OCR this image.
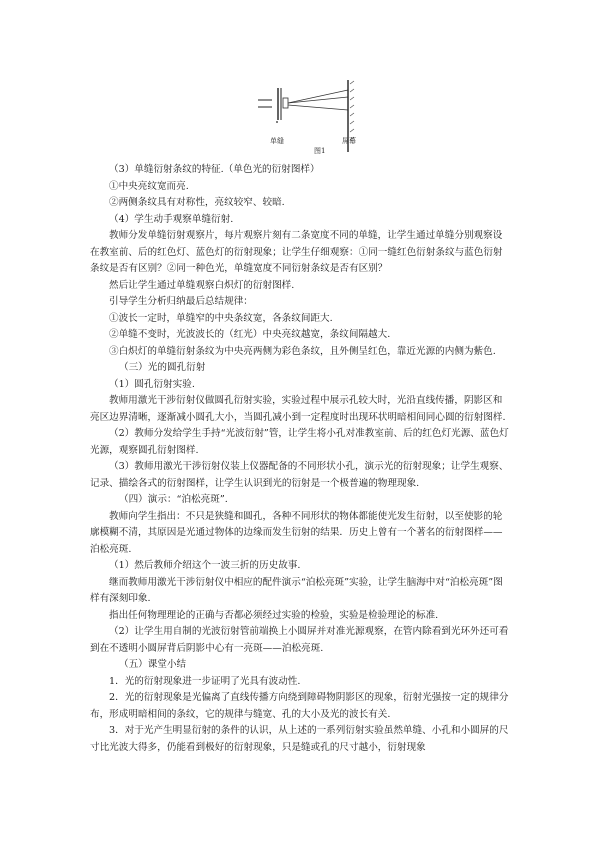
单缝
图1
屏幕

（3）单缝衍射条纹的特征.（单色光的衍射图样）

①中央亮纹宽而亮.

②两侧条纹具有对称性，亮纹较窄、较暗.

（4）学生动手观察单缝衍射.

教师分发单缝衍射观察片，每片观察片刻有二条宽度不同的单缝，让学生通过单缝分别观察设在教室前、后的红色灯、蓝色灯的衍射现象；让学生仔细观察：①同一缝红色衍射条纹与蓝色衍射条纹是否有区别？②同一种色光，单缝宽度不同衍射条纹是否有区别？

然后让学生通过单缝观察白炽灯的衍射图样.

引导学生分析归纳最后总结规律：

①波长一定时，单缝窄的中央条纹宽，各条纹间距大.

②单缝不变时，光波波长的（红光）中央亮纹越宽，条纹间隔越大.

③白炽灯的单缝衍射条纹为中央亮两侧为彩色条纹，且外侧呈红色，靠近光源的内侧为紫色.

（三）光的圆孔衍射

（1）圆孔衍射实验.

教师用激光干涉衍射仪做圆孔衍射实验，实验过程中展示孔较大时，光沿直线传播，阴影区和亮区边界清晰，逐渐减小圆孔大小，当圆孔减小到一定程度时出现环状明暗相间同心圆的衍射图样.

（2）教师分发给学生手持“光波衍射”管，让学生将小孔对准教室前、后的红色灯光源、蓝色灯光源，观察圆孔衍射图样.

（3）教师用激光干涉衍射仪装上仪器配备的不同形状小孔，演示光的衍射现象；让学生观察、记录、描绘各式的衍射图样，让学生认识到光的衍射是一个极普遍的物理现象.

（四）演示：“泊松亮斑”.

教师向学生指出：不只是狭缝和圆孔，各种不同形状的物体都能使光发生衍射，以至使影的轮廓模糊不清，其原因是光通过物体的边缘而发生衍射的结果．历史上曾有一个著名的衍射图样——泊松亮斑.

（1）然后教师介绍这个一波三折的历史故事.

继而教师用激光干涉衍射仪中相应的配件演示“泊松亮斑”实验，让学生脑海中对“泊松亮斑”图样有深刻印象.

指出任何物理理论的正确与否都必须经过实验的检验，实验是检验理论的标准.

（2）让学生用自制的光波衍射管前端换上小圆屏并对准光源观察，在管内除看到光环外还可看到在不透明小圆屏背后阴影中心有一亮斑——泊松亮斑.

（五）课堂小结

1．光的衍射现象进一步证明了光具有波动性.

2．光的衍射现象是光偏离了直线传播方向绕到障碍物阴影区的现象，衍射光强按一定的规律分布，形成明暗相间的条纹，它的规律与缝宽、孔的大小及光的波长有关.

3．对于光产生明显衍射的条件的认识，从上述的一系列衍射实验虽然单缝、小孔和小圆屏的尺寸比光波大得多，仍能看到极好的衍射现象，只是缝或孔的尺寸越小，衍射现象
